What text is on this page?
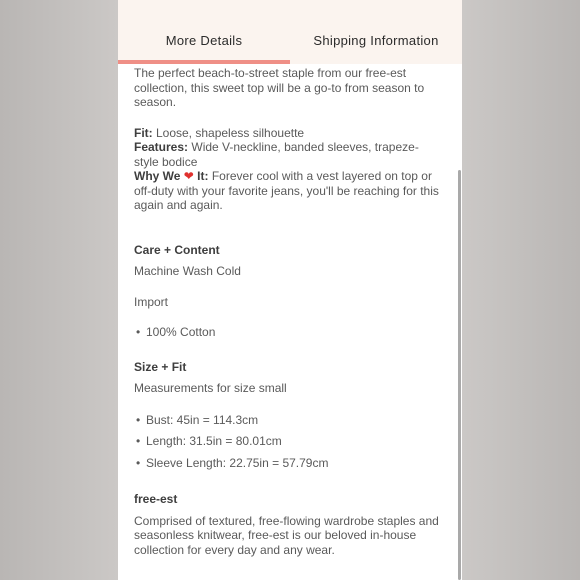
More Details	Shipping Information

The perfect beach-to-street staple from our free-est collection, this sweet top will be a go-to from season to season.

Fit: Loose, shapeless silhouette

Features: Wide V-neckline, banded sleeves, trapeze-style bodice

Why We ❤ It: Forever cool with a vest layered on top or off-duty with your favorite jeans, you'll be reaching for this again and again.

Care + Content

Machine Wash Cold

Import

• 100% Cotton

Size + Fit

Measurements for size small

• Bust: 45in = 114.3cm

• Length: 31.5in = 80.01cm

• Sleeve Length: 22.75in = 57.79cm

free-est

Comprised of textured, free-flowing wardrobe staples and seasonless knitwear, free-est is our beloved in-house collection for every day and any wear.
